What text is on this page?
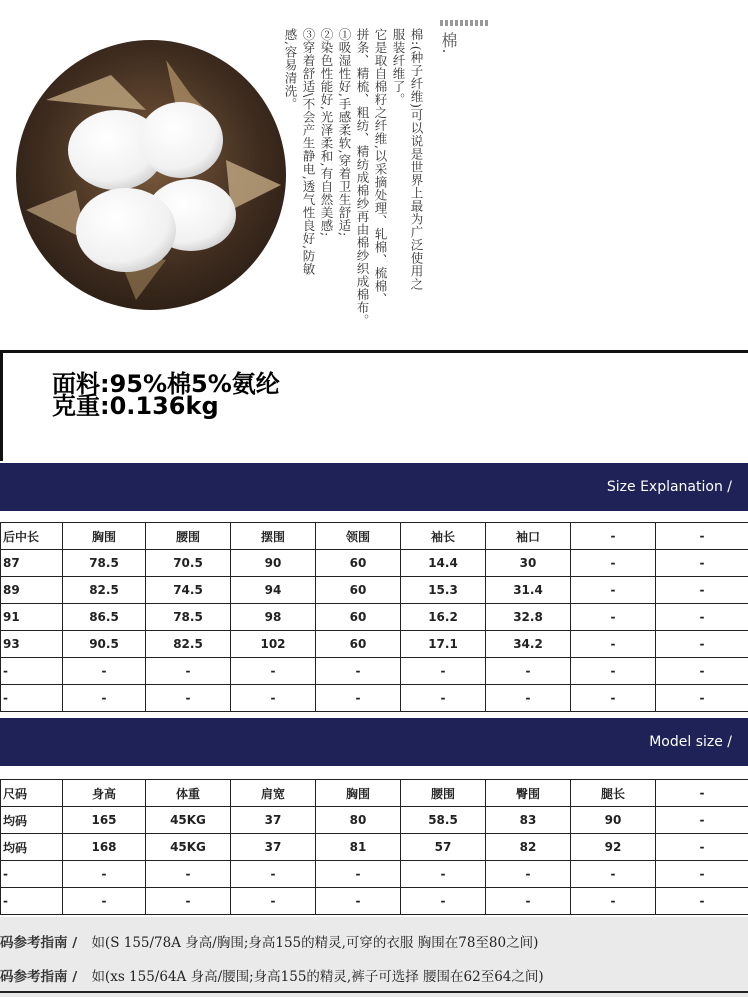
棉.
棉:(种子纤维)可以说是世界上最为广泛使用之
服装纤维了。
它是取自棉籽之纤维,以采摘处理、轧棉、梳棉、
拼条、精梳、粗纺、精纺成棉纱再由棉纱织成棉布。
①吸湿性好,手感柔软,穿着卫生舒适;
②染色性能好,光泽柔和,有自然美感;
③穿着舒适\不会产生静电,透气性良好,防敏
感,容易清洗。
面料:95%棉5%氨纶
克重:0.136kg
Size Explanation /
后中长	胸围	腰围	摆围	领围	袖长	袖口	-	-
87	78.5	70.5	90	60	14.4	30	-	-
89	82.5	74.5	94	60	15.3	31.4	-	-
91	86.5	78.5	98	60	16.2	32.8	-	-
93	90.5	82.5	102	60	17.1	34.2	-	-
-	-	-	-	-	-	-	-	-
-	-	-	-	-	-	-	-	-
Model size /
尺码	身高	体重	肩宽	胸围	腰围	臀围	腿长	-
均码	165	45KG	37	80	58.5	83	90	-
均码	168	45KG	37	81	57	82	92	-
-	-	-	-	-	-	-	-	-
-	-	-	-	-	-	-	-	-
码参考指南 / 如(S 155/78A 身高/胸围;身高155的精灵,可穿的衣服 胸围在78至80之间)
码参考指南 / 如(xs 155/64A 身高/腰围;身高155的精灵,裤子可选择 腰围在62至64之间)
